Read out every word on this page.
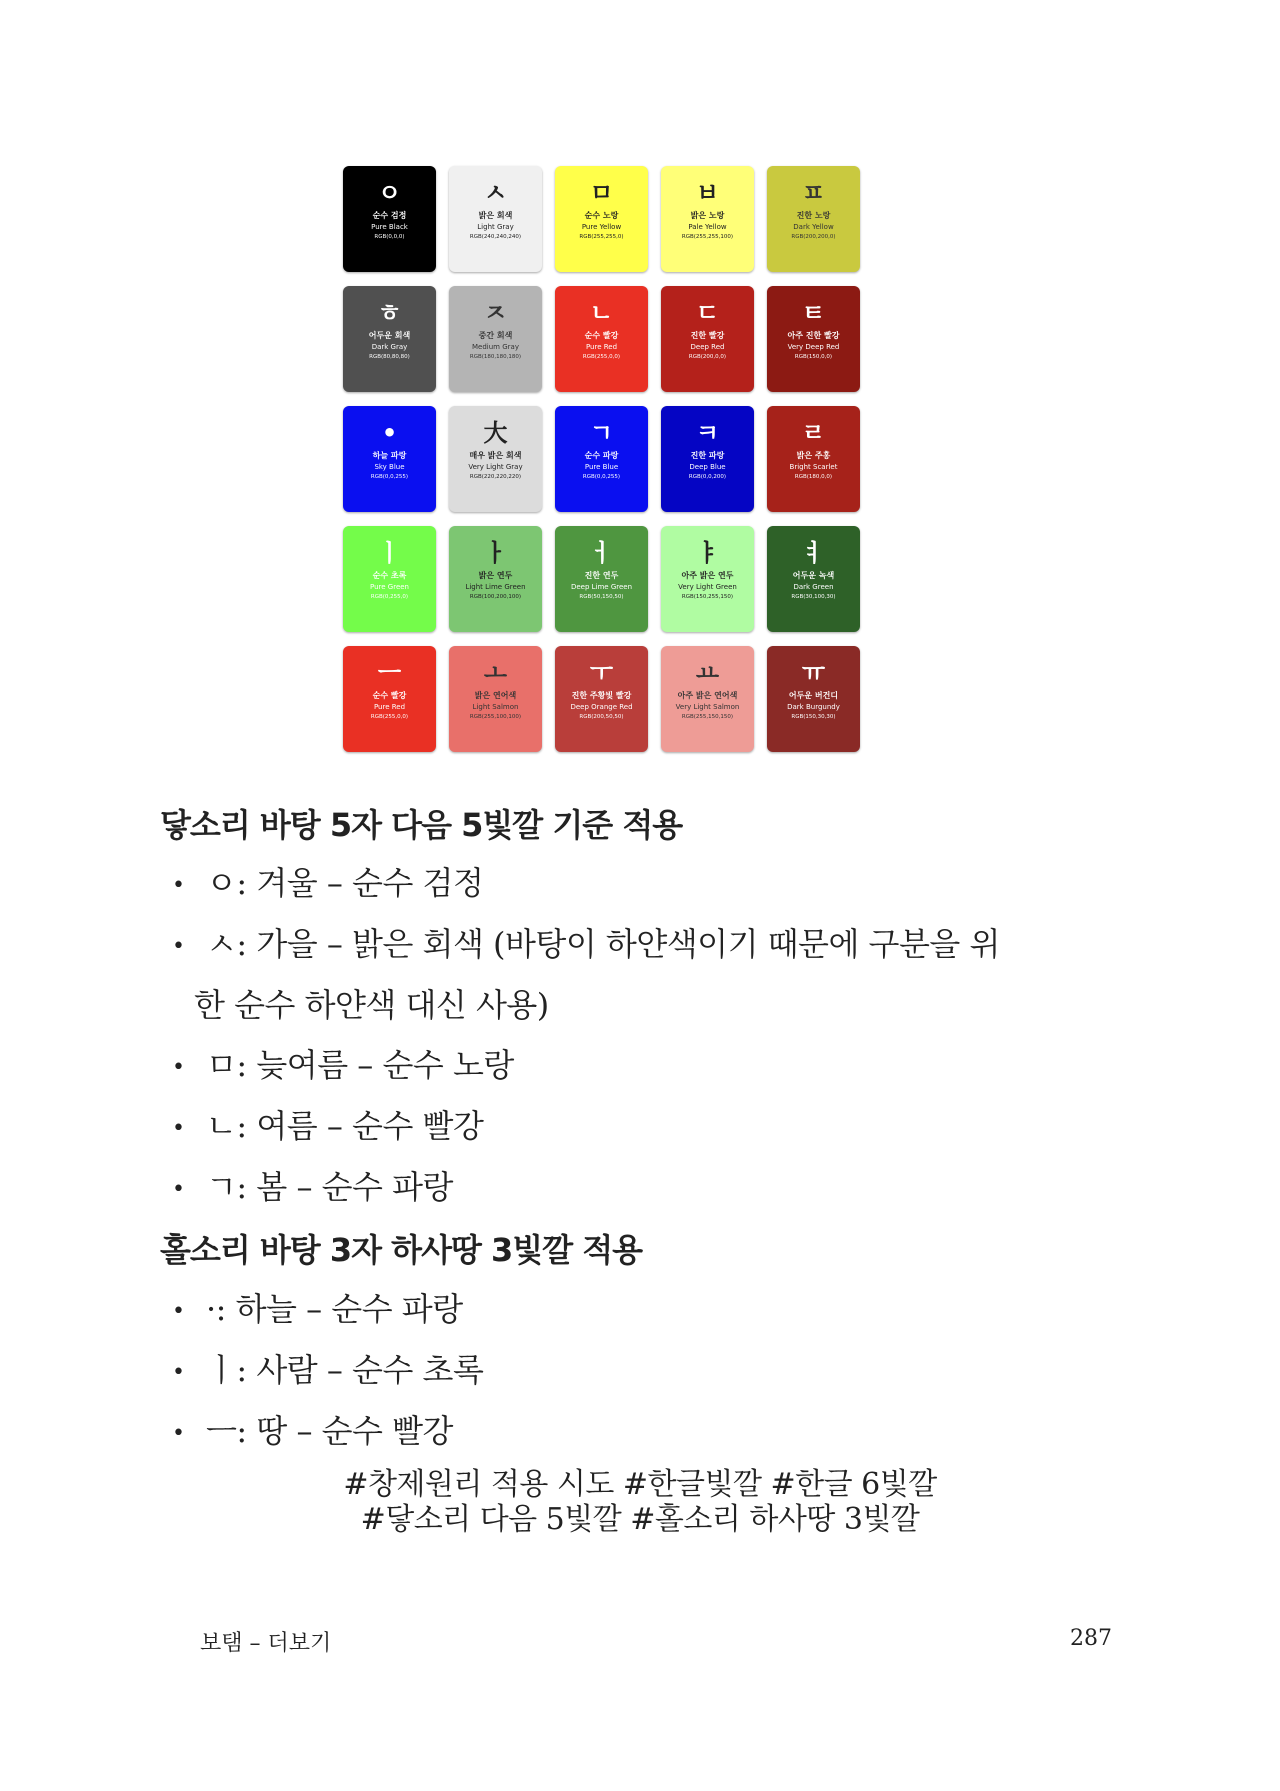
ㅇ
순수 검정
Pure Black
RGB(0,0,0)
ㅅ
밝은 회색
Light Gray
RGB(240,240,240)
ㅁ
순수 노랑
Pure Yellow
RGB(255,255,0)
ㅂ
밝은 노랑
Pale Yellow
RGB(255,255,100)
ㅍ
진한 노랑
Dark Yellow
RGB(200,200,0)
ㅎ
어두운 회색
Dark Gray
RGB(80,80,80)
ㅈ
중간 회색
Medium Gray
RGB(180,180,180)
ㄴ
순수 빨강
Pure Red
RGB(255,0,0)
ㄷ
진한 빨강
Deep Red
RGB(200,0,0)
ㅌ
아주 진한 빨강
Very Deep Red
RGB(150,0,0)
•
하늘 파랑
Sky Blue
RGB(0,0,255)
大
매우 밝은 회색
Very Light Gray
RGB(220,220,220)
ㄱ
순수 파랑
Pure Blue
RGB(0,0,255)
ㅋ
진한 파랑
Deep Blue
RGB(0,0,200)
ㄹ
밝은 주홍
Bright Scarlet
RGB(180,0,0)
ㅣ
순수 초록
Pure Green
RGB(0,255,0)
ㅏ
밝은 연두
Light Lime Green
RGB(100,200,100)
ㅓ
진한 연두
Deep Lime Green
RGB(50,150,50)
ㅑ
아주 밝은 연두
Very Light Green
RGB(150,255,150)
ㅕ
어두운 녹색
Dark Green
RGB(30,100,30)
ㅡ
순수 빨강
Pure Red
RGB(255,0,0)
ㅗ
밝은 연어색
Light Salmon
RGB(255,100,100)
ㅜ
진한 주황빛 빨강
Deep Orange Red
RGB(200,50,50)
ㅛ
아주 밝은 연어색
Very Light Salmon
RGB(255,150,150)
ㅠ
어두운 버건디
Dark Burgundy
RGB(150,30,30)
닿소리 바탕 5자 다음 5빛깔 기준 적용
• ㅇ: 겨울 – 순수 검정
• ㅅ: 가을 – 밝은 회색 (바탕이 하얀색이기 때문에 구분을 위
한 순수 하얀색 대신 사용)
• ㅁ: 늦여름 – 순수 노랑
• ㄴ: 여름 – 순수 빨강
• ㄱ: 봄 – 순수 파랑
홀소리 바탕 3자 하사땅 3빛깔 적용
• ·: 하늘 – 순수 파랑
• ㅣ: 사람 – 순수 초록
• ㅡ: 땅 – 순수 빨강
#창제원리 적용 시도 #한글빛깔 #한글 6빛깔
#닿소리 다음 5빛깔 #홀소리 하사땅 3빛깔
보탬 – 더보기	287
